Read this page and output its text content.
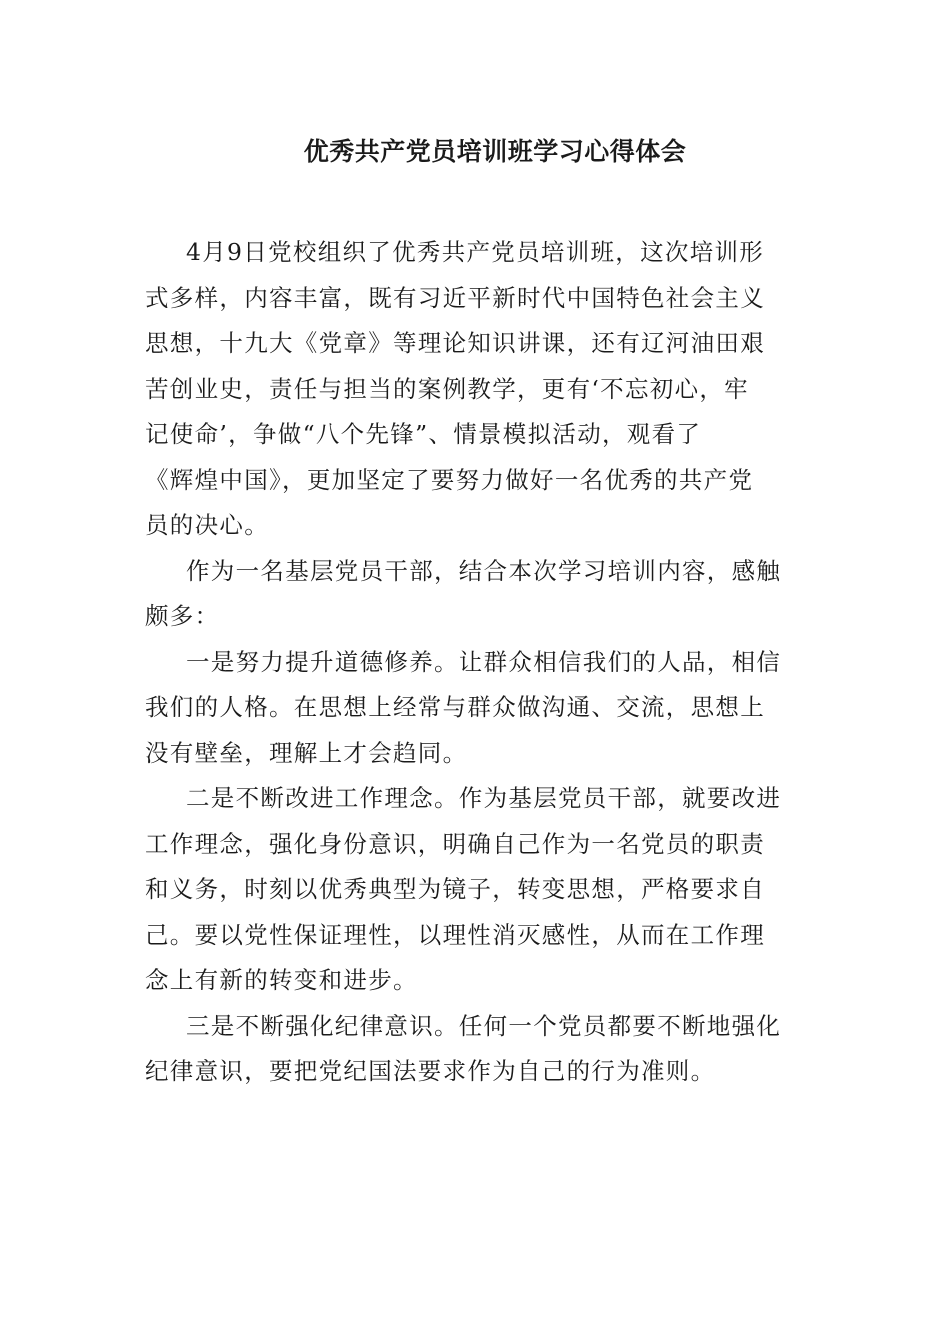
优秀共产党员培训班学习心得体会

4月9日党校组织了优秀共产党员培训班，这次培训形
式多样，内容丰富，既有习近平新时代中国特色社会主义
思想，十九大《党章》等理论知识讲课，还有辽河油田艰
苦创业史，责任与担当的案例教学，更有‘不忘初心，牢
记使命’，争做“八个先锋”、情景模拟活动，观看了
《辉煌中国》，更加坚定了要努力做好一名优秀的共产党
员的决心。

作为一名基层党员干部，结合本次学习培训内容，感触
颇多：

一是努力提升道德修养。让群众相信我们的人品，相信
我们的人格。在思想上经常与群众做沟通、交流，思想上
没有壁垒，理解上才会趋同。

二是不断改进工作理念。作为基层党员干部，就要改进
工作理念，强化身份意识，明确自己作为一名党员的职责
和义务，时刻以优秀典型为镜子，转变思想，严格要求自
己。要以党性保证理性，以理性消灭感性，从而在工作理
念上有新的转变和进步。

三是不断强化纪律意识。任何一个党员都要不断地强化
纪律意识，要把党纪国法要求作为自己的行为准则。
